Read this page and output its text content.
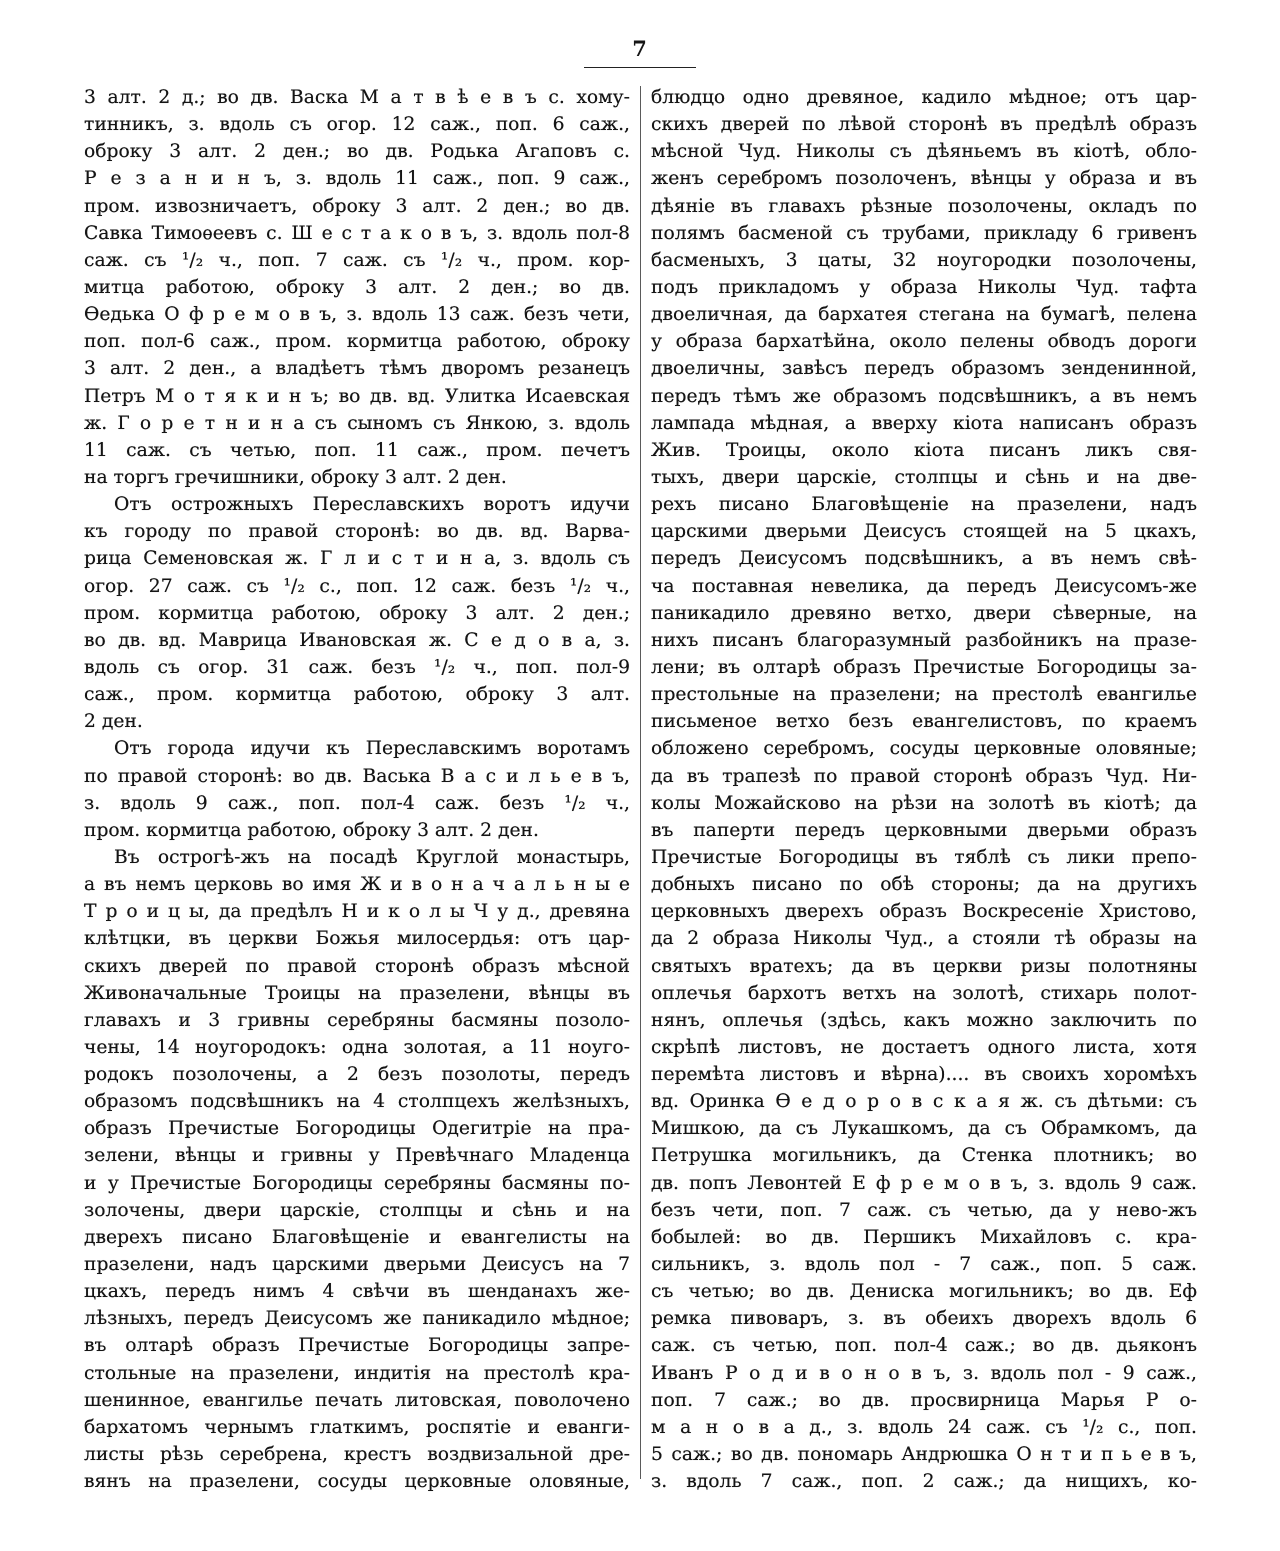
7
3 алт. 2 д.; во дв. Васка М а т в ѣ е в ъ с. хому-
тинникъ, з. вдоль съ огор. 12 саж., поп. 6 саж.,
оброку 3 алт. 2 ден.; во дв. Родька Агаповъ с.
Р е з а н и н ъ, з. вдоль 11 саж., поп. 9 саж.,
пром. извозничаетъ, оброку 3 алт. 2 ден.; во дв.
Савка Тимоѳеевъ с. Ш е с т а к о в ъ, з. вдоль пол-8
саж. съ ¹/₂ ч., поп. 7 саж. съ ¹/₂ ч., пром. кор-
митца работою, оброку 3 алт. 2 ден.; во дв.
Ѳедька О ф р е м о в ъ, з. вдоль 13 саж. безъ чети,
поп. пол-6 саж., пром. кормитца работою, оброку
3 алт. 2 ден., а владѣетъ тѣмъ дворомъ резанецъ
Петръ М о т я к и н ъ; во дв. вд. Улитка Исаевская
ж. Г о р е т н и н а съ сыномъ съ Янкою, з. вдоль
11 саж. съ четью, поп. 11 саж., пром. печетъ
на торгъ гречишники, оброку 3 алт. 2 ден.
Отъ острожныхъ Переславскихъ воротъ идучи
къ городу по правой сторонѣ: во дв. вд. Варва-
рица Семеновская ж. Г л и с т и н а, з. вдоль съ
огор. 27 саж. съ ¹/₂ с., поп. 12 саж. безъ ¹/₂ ч.,
пром. кормитца работою, оброку 3 алт. 2 ден.;
во дв. вд. Маврица Ивановская ж. С е д о в а, з.
вдоль съ огор. 31 саж. безъ ¹/₂ ч., поп. пол-9
саж., пром. кормитца работою, оброку 3 алт.
2 ден.
Отъ города идучи къ Переславскимъ воротамъ
по правой сторонѣ: во дв. Васька В а с и л ь е в ъ,
з. вдоль 9 саж., поп. пол-4 саж. безъ ¹/₂ ч.,
пром. кормитца работою, оброку 3 алт. 2 ден.
Въ острогѣ-жъ на посадѣ Круглой монастырь,
а въ немъ церковь во имя Ж и в о н а ч а л ь н ы е
Т р о и ц ы, да предѣлъ Н и к о л ы Ч у д., древяна
клѣтцки, въ церкви Божья милосердья: отъ цар-
скихъ дверей по правой сторонѣ образъ мѣсной
Живоначальные Троицы на празелени, вѣнцы въ
главахъ и 3 гривны серебряны басмяны позоло-
чены, 14 ноугородокъ: одна золотая, а 11 ноуго-
родокъ позолочены, а 2 безъ позолоты, передъ
образомъ подсвѣшникъ на 4 столпцехъ желѣзныхъ,
образъ Пречистые Богородицы Одегитріе на пра-
зелени, вѣнцы и гривны у Превѣчнаго Младенца
и у Пречистые Богородицы серебряны басмяны по-
золочены, двери царскіе, столпцы и сѣнь и на
дверехъ писано Благовѣщеніе и евангелисты на
празелени, надъ царскими дверьми Деисусъ на 7
цкахъ, передъ нимъ 4 свѣчи въ шенданахъ же-
лѣзныхъ, передъ Деисусомъ же паникадило мѣдное;
въ олтарѣ образъ Пречистые Богородицы запре-
стольные на празелени, индитія на престолѣ кра-
шенинное, евангилье печать литовская, поволочено
бархатомъ чернымъ глаткимъ, роспятіе и еванги-
листы рѣзь серебрена, крестъ воздвизальной дре-
вянъ на празелени, сосуды церковные оловяные,
блюдцо одно древяное, кадило мѣдное; отъ цар-
скихъ дверей по лѣвой сторонѣ въ предѣлѣ образъ
мѣсной Чуд. Николы съ дѣяньемъ въ кіотѣ, обло-
женъ серебромъ позолоченъ, вѣнцы у образа и въ
дѣяніе въ главахъ рѣзные позолочены, окладъ по
полямъ басменой съ трубами, прикладу 6 гривенъ
басменыхъ, 3 цаты, 32 ноугородки позолочены,
подъ прикладомъ у образа Николы Чуд. тафта
двоеличная, да бархатея стегана на бумагѣ, пелена
у образа бархатѣйна, около пелены обводъ дороги
двоеличны, завѣсъ передъ образомъ зенденинной,
передъ тѣмъ же образомъ подсвѣшникъ, а въ немъ
лампада мѣдная, а вверху кіота написанъ образъ
Жив. Троицы, около кіота писанъ ликъ свя-
тыхъ, двери царскіе, столпцы и сѣнь и на две-
рехъ писано Благовѣщеніе на празелени, надъ
царскими дверьми Деисусъ стоящей на 5 цкахъ,
передъ Деисусомъ подсвѣшникъ, а въ немъ свѣ-
ча поставная невелика, да передъ Деисусомъ-же
паникадило древяно ветхо, двери сѣверные, на
нихъ писанъ благоразумный разбойникъ на празе-
лени; въ олтарѣ образъ Пречистые Богородицы за-
престольные на празелени; на престолѣ евангилье
письменое ветхо безъ евангелистовъ, по краемъ
обложено серебромъ, сосуды церковные оловяные;
да въ трапезѣ по правой сторонѣ образъ Чуд. Ни-
колы Можайсково на рѣзи на золотѣ въ кіотѣ; да
въ паперти передъ церковными дверьми образъ
Пречистые Богородицы въ тяблѣ съ лики препо-
добныхъ писано по обѣ стороны; да на другихъ
церковныхъ дверехъ образъ Воскресеніе Христово,
да 2 образа Николы Чуд., а стояли тѣ образы на
святыхъ вратехъ; да въ церкви ризы полотняны
оплечья бархотъ ветхъ на золотѣ, стихарь полот-
нянъ, оплечья (здѣсь, какъ можно заключить по
скрѣпѣ листовъ, не достаетъ одного листа, хотя
перемѣта листовъ и вѣрна).... въ своихъ хоромѣхъ
вд. Оринка Ѳ е д о р о в с к а я ж. съ дѣтьми: съ
Мишкою, да съ Лукашкомъ, да съ Обрамкомъ, да
Петрушка могильникъ, да Стенка плотникъ; во
дв. попъ Левонтей Е ф р е м о в ъ, з. вдоль 9 саж.
безъ чети, поп. 7 саж. съ четью, да у нево-жъ
бобылей: во дв. Першикъ Михайловъ с. кра-
сильникъ, з. вдоль пол - 7 саж., поп. 5 саж.
съ четью; во дв. Дениска могильникъ; во дв. Еф
ремка пивоваръ, з. въ обеихъ дворехъ вдоль 6
саж. съ четью, поп. пол-4 саж.; во дв. дьяконъ
Иванъ Р о д и в о н о в ъ, з. вдоль пол - 9 саж.,
поп. 7 саж.; во дв. просвирница Марья Р о-
м а н о в а д., з. вдоль 24 саж. съ ¹/₂ с., поп.
5 саж.; во дв. пономарь Андрюшка О н т и п ь е в ъ,
з. вдоль 7 саж., поп. 2 саж.; да нищихъ, ко-
